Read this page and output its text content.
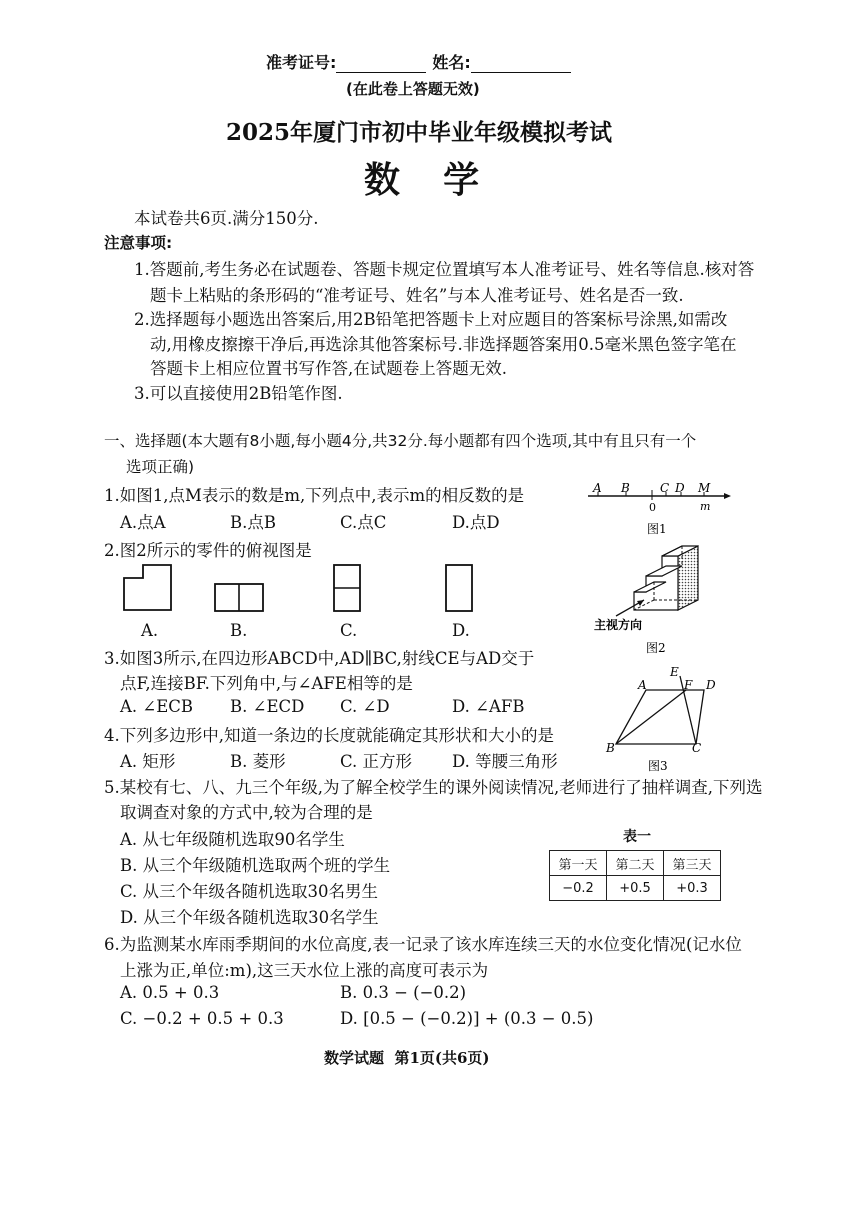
准考证号:	姓名:
(在此卷上答题无效)
2025年厦门市初中毕业年级模拟考试
数  学
本试卷共6页.满分150分.
注意事项:
1.答题前,考生务必在试题卷、答题卡规定位置填写本人准考证号、姓名等信息.核对答
题卡上粘贴的条形码的“准考证号、姓名”与本人准考证号、姓名是否一致.
2.选择题每小题选出答案后,用2B铅笔把答题卡上对应题目的答案标号涂黑,如需改
动,用橡皮擦擦干净后,再选涂其他答案标号.非选择题答案用0.5毫米黑色签字笔在
答题卡上相应位置书写作答,在试题卷上答题无效.
3.可以直接使用2B铅笔作图.
一、选择题(本大题有8小题,每小题4分,共32分.每小题都有四个选项,其中有且只有一个
选项正确)
1.如图1,点M表示的数是m,下列点中,表示m的相反数的是
A.点A	B.点B	C.点C	D.点D
A B	C D M
0	m
图1
2.图2所示的零件的俯视图是
A.	B.	C.	D.	主视方向
图2
3.如图3所示,在四边形ABCD中,AD∥BC,射线CE与AD交于
点F,连接BF.下列角中,与∠AFE相等的是
A. ∠ECB B. ∠ECD C. ∠D	D. ∠AFB
A
E
F D
B	C
图3
4.下列多边形中,知道一条边的长度就能确定其形状和大小的是
A. 矩形	B. 菱形	C. 正方形 D. 等腰三角形
5.某校有七、八、九三个年级,为了解全校学生的课外阅读情况,老师进行了抽样调查,下列选
取调查对象的方式中,较为合理的是
A. 从七年级随机选取90名学生
B. 从三个年级随机选取两个班的学生
C. 从三个年级各随机选取30名男生
D. 从三个年级各随机选取30名学生
表一
第一天	第二天	第三天
−0.2	+0.5	+0.3
6.为监测某水库雨季期间的水位高度,表一记录了该水库连续三天的水位变化情况(记水位
上涨为正,单位:m),这三天水位上涨的高度可表示为
A. 0.5 + 0.3	B. 0.3 − (−0.2)
C. −0.2 + 0.5 + 0.3	D. [0.5 − (−0.2)] + (0.3 − 0.5)
数学试题  第1页(共6页)
